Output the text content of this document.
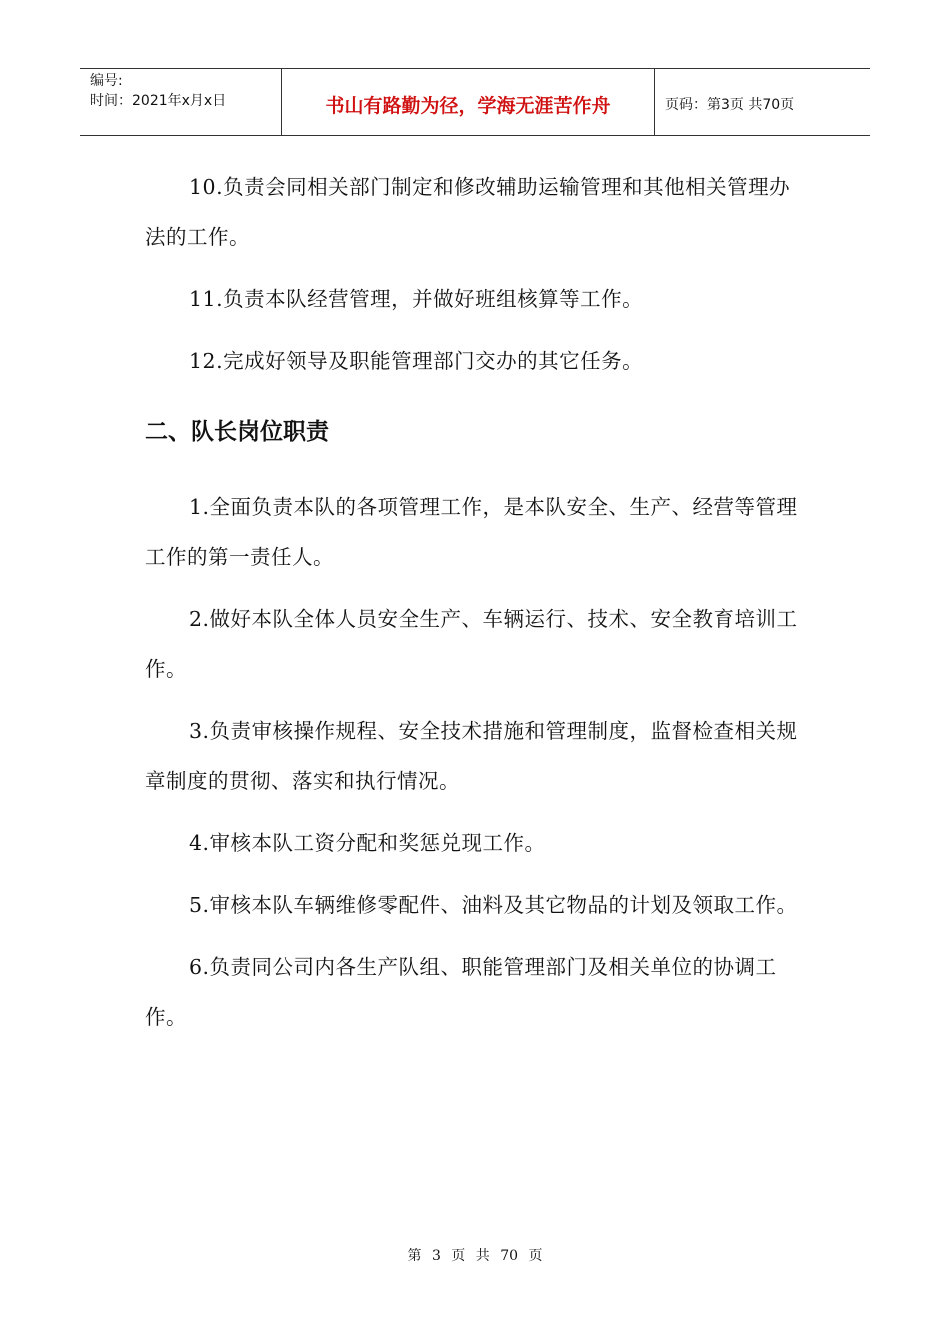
编号:
时间：2021年x月x日	书山有路勤为径，学海无涯苦作舟	页码：第3页 共70页

10.负责会同相关部门制定和修改辅助运输管理和其他相关管理办法的工作。

11.负责本队经营管理，并做好班组核算等工作。

12.完成好领导及职能管理部门交办的其它任务。

二、队长岗位职责

1.全面负责本队的各项管理工作，是本队安全、生产、经营等管理工作的第一责任人。

2.做好本队全体人员安全生产、车辆运行、技术、安全教育培训工作。

3.负责审核操作规程、安全技术措施和管理制度，监督检查相关规章制度的贯彻、落实和执行情况。

4.审核本队工资分配和奖惩兑现工作。

5.审核本队车辆维修零配件、油料及其它物品的计划及领取工作。

6.负责同公司内各生产队组、职能管理部门及相关单位的协调工作。

第 3 页 共 70 页
